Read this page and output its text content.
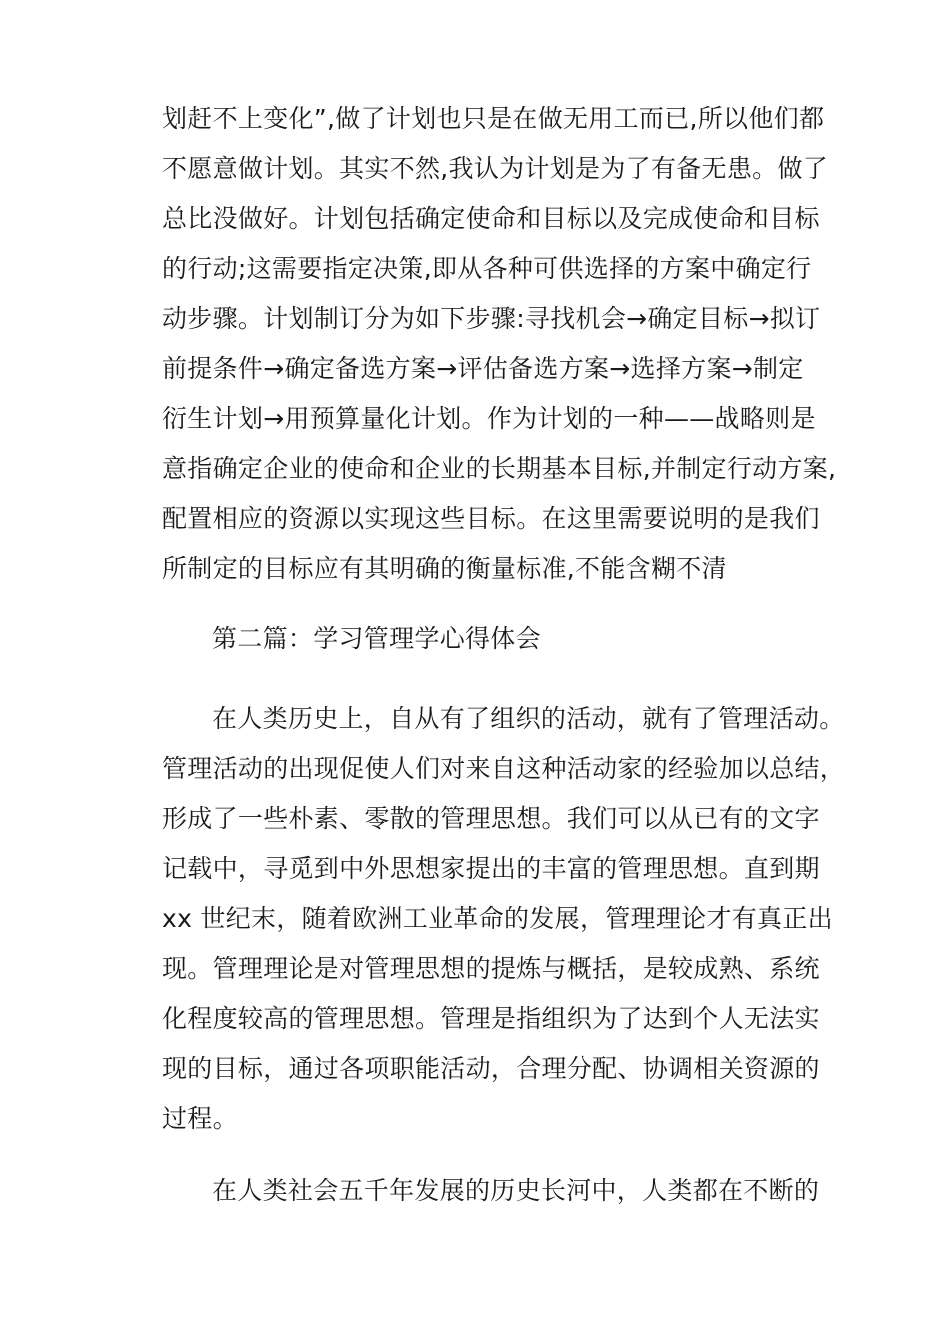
划赶不上变化”,做了计划也只是在做无用工而已,所以他们都
不愿意做计划。其实不然,我认为计划是为了有备无患。做了
总比没做好。计划包括确定使命和目标以及完成使命和目标
的行动;这需要指定决策,即从各种可供选择的方案中确定行
动步骤。计划制订分为如下步骤:寻找机会→确定目标→拟订
前提条件→确定备选方案→评估备选方案→选择方案→制定
衍生计划→用预算量化计划。作为计划的一种——战略则是
意指确定企业的使命和企业的长期基本目标,并制定行动方案,
配置相应的资源以实现这些目标。在这里需要说明的是我们
所制定的目标应有其明确的衡量标准,不能含糊不清
第二篇：学习管理学心得体会
在人类历史上，自从有了组织的活动，就有了管理活动。
管理活动的出现促使人们对来自这种活动家的经验加以总结，
形成了一些朴素、零散的管理思想。我们可以从已有的文字
记载中，寻觅到中外思想家提出的丰富的管理思想。直到期
xx 世纪末，随着欧洲工业革命的发展，管理理论才有真正出
现。管理理论是对管理思想的提炼与概括，是较成熟、系统
化程度较高的管理思想。管理是指组织为了达到个人无法实
现的目标，通过各项职能活动，合理分配、协调相关资源的
过程。
在人类社会五千年发展的历史长河中，人类都在不断的
